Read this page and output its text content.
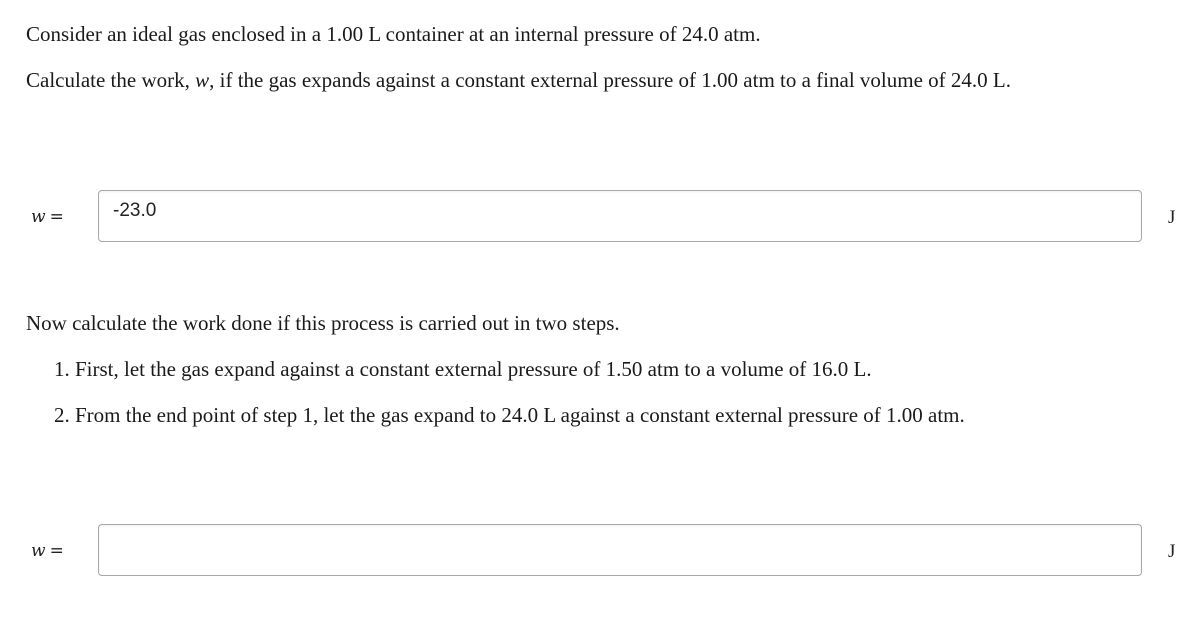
Consider an ideal gas enclosed in a 1.00 L container at an internal pressure of 24.0 atm.

Calculate the work, w, if the gas expands against a constant external pressure of 1.00 atm to a final volume of 24.0 L.

w =
-23.0	J

Now calculate the work done if this process is carried out in two steps.

1. First, let the gas expand against a constant external pressure of 1.50 atm to a volume of 16.0 L.
2. From the end point of step 1, let the gas expand to 24.0 L against a constant external pressure of 1.00 atm.
w =	J
